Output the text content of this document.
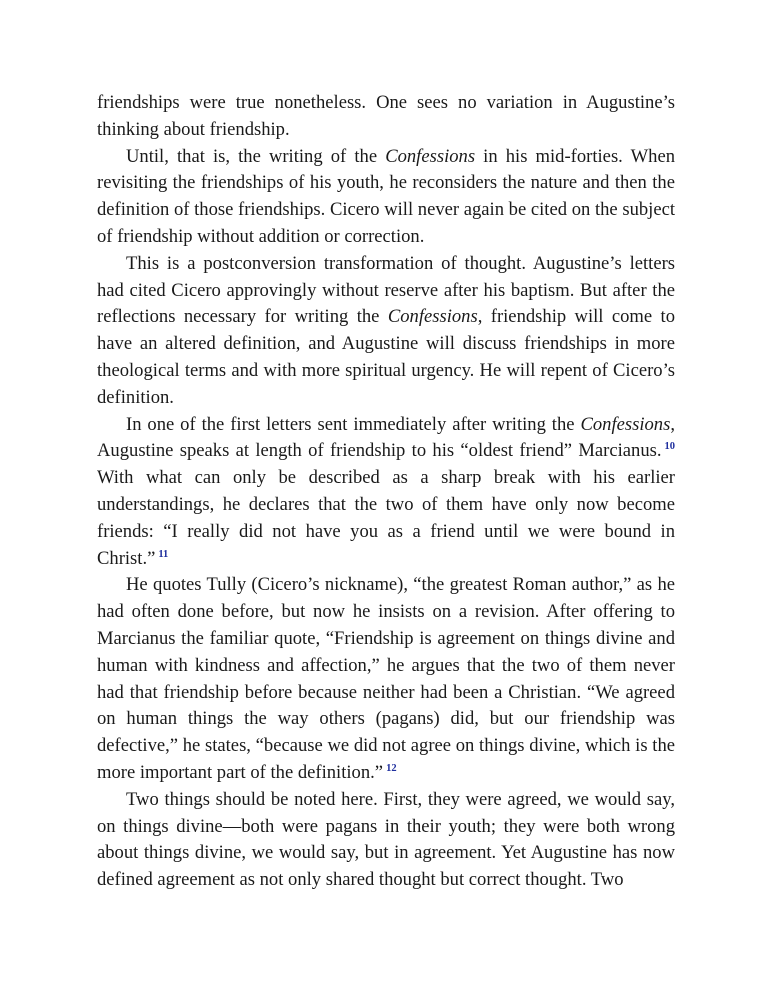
friendships were true nonetheless. One sees no variation in Augustine’s thinking about friendship.

Until, that is, the writing of the Confessions in his mid-forties. When revisiting the friendships of his youth, he reconsiders the nature and then the definition of those friendships. Cicero will never again be cited on the subject of friendship without addition or correction.

This is a postconversion transformation of thought. Augustine’s letters had cited Cicero approvingly without reserve after his baptism. But after the reflections necessary for writing the Confessions, friendship will come to have an altered definition, and Augustine will discuss friendships in more theological terms and with more spiritual urgency. He will repent of Cicero’s definition.

In one of the first letters sent immediately after writing the Confessions, Augustine speaks at length of friendship to his “oldest friend” Marcianus. $^{10}$ With what can only be described as a sharp break with his earlier understandings, he declares that the two of them have only now become friends: “I really did not have you as a friend until we were bound in Christ.” $^{11}$

He quotes Tully (Cicero’s nickname), “the greatest Roman author,” as he had often done before, but now he insists on a revision. After offering to Marcianus the familiar quote, “Friendship is agreement on things divine and human with kindness and affection,” he argues that the two of them never had that friendship before because neither had been a Christian. “We agreed on human things the way others (pagans) did, but our friendship was defective,” he states, “because we did not agree on things divine, which is the more important part of the definition.” $^{12}$

Two things should be noted here. First, they were agreed, we would say, on things divine—both were pagans in their youth; they were both wrong about things divine, we would say, but in agreement. Yet Augustine has now defined agreement as not only shared thought but correct thought. Two
